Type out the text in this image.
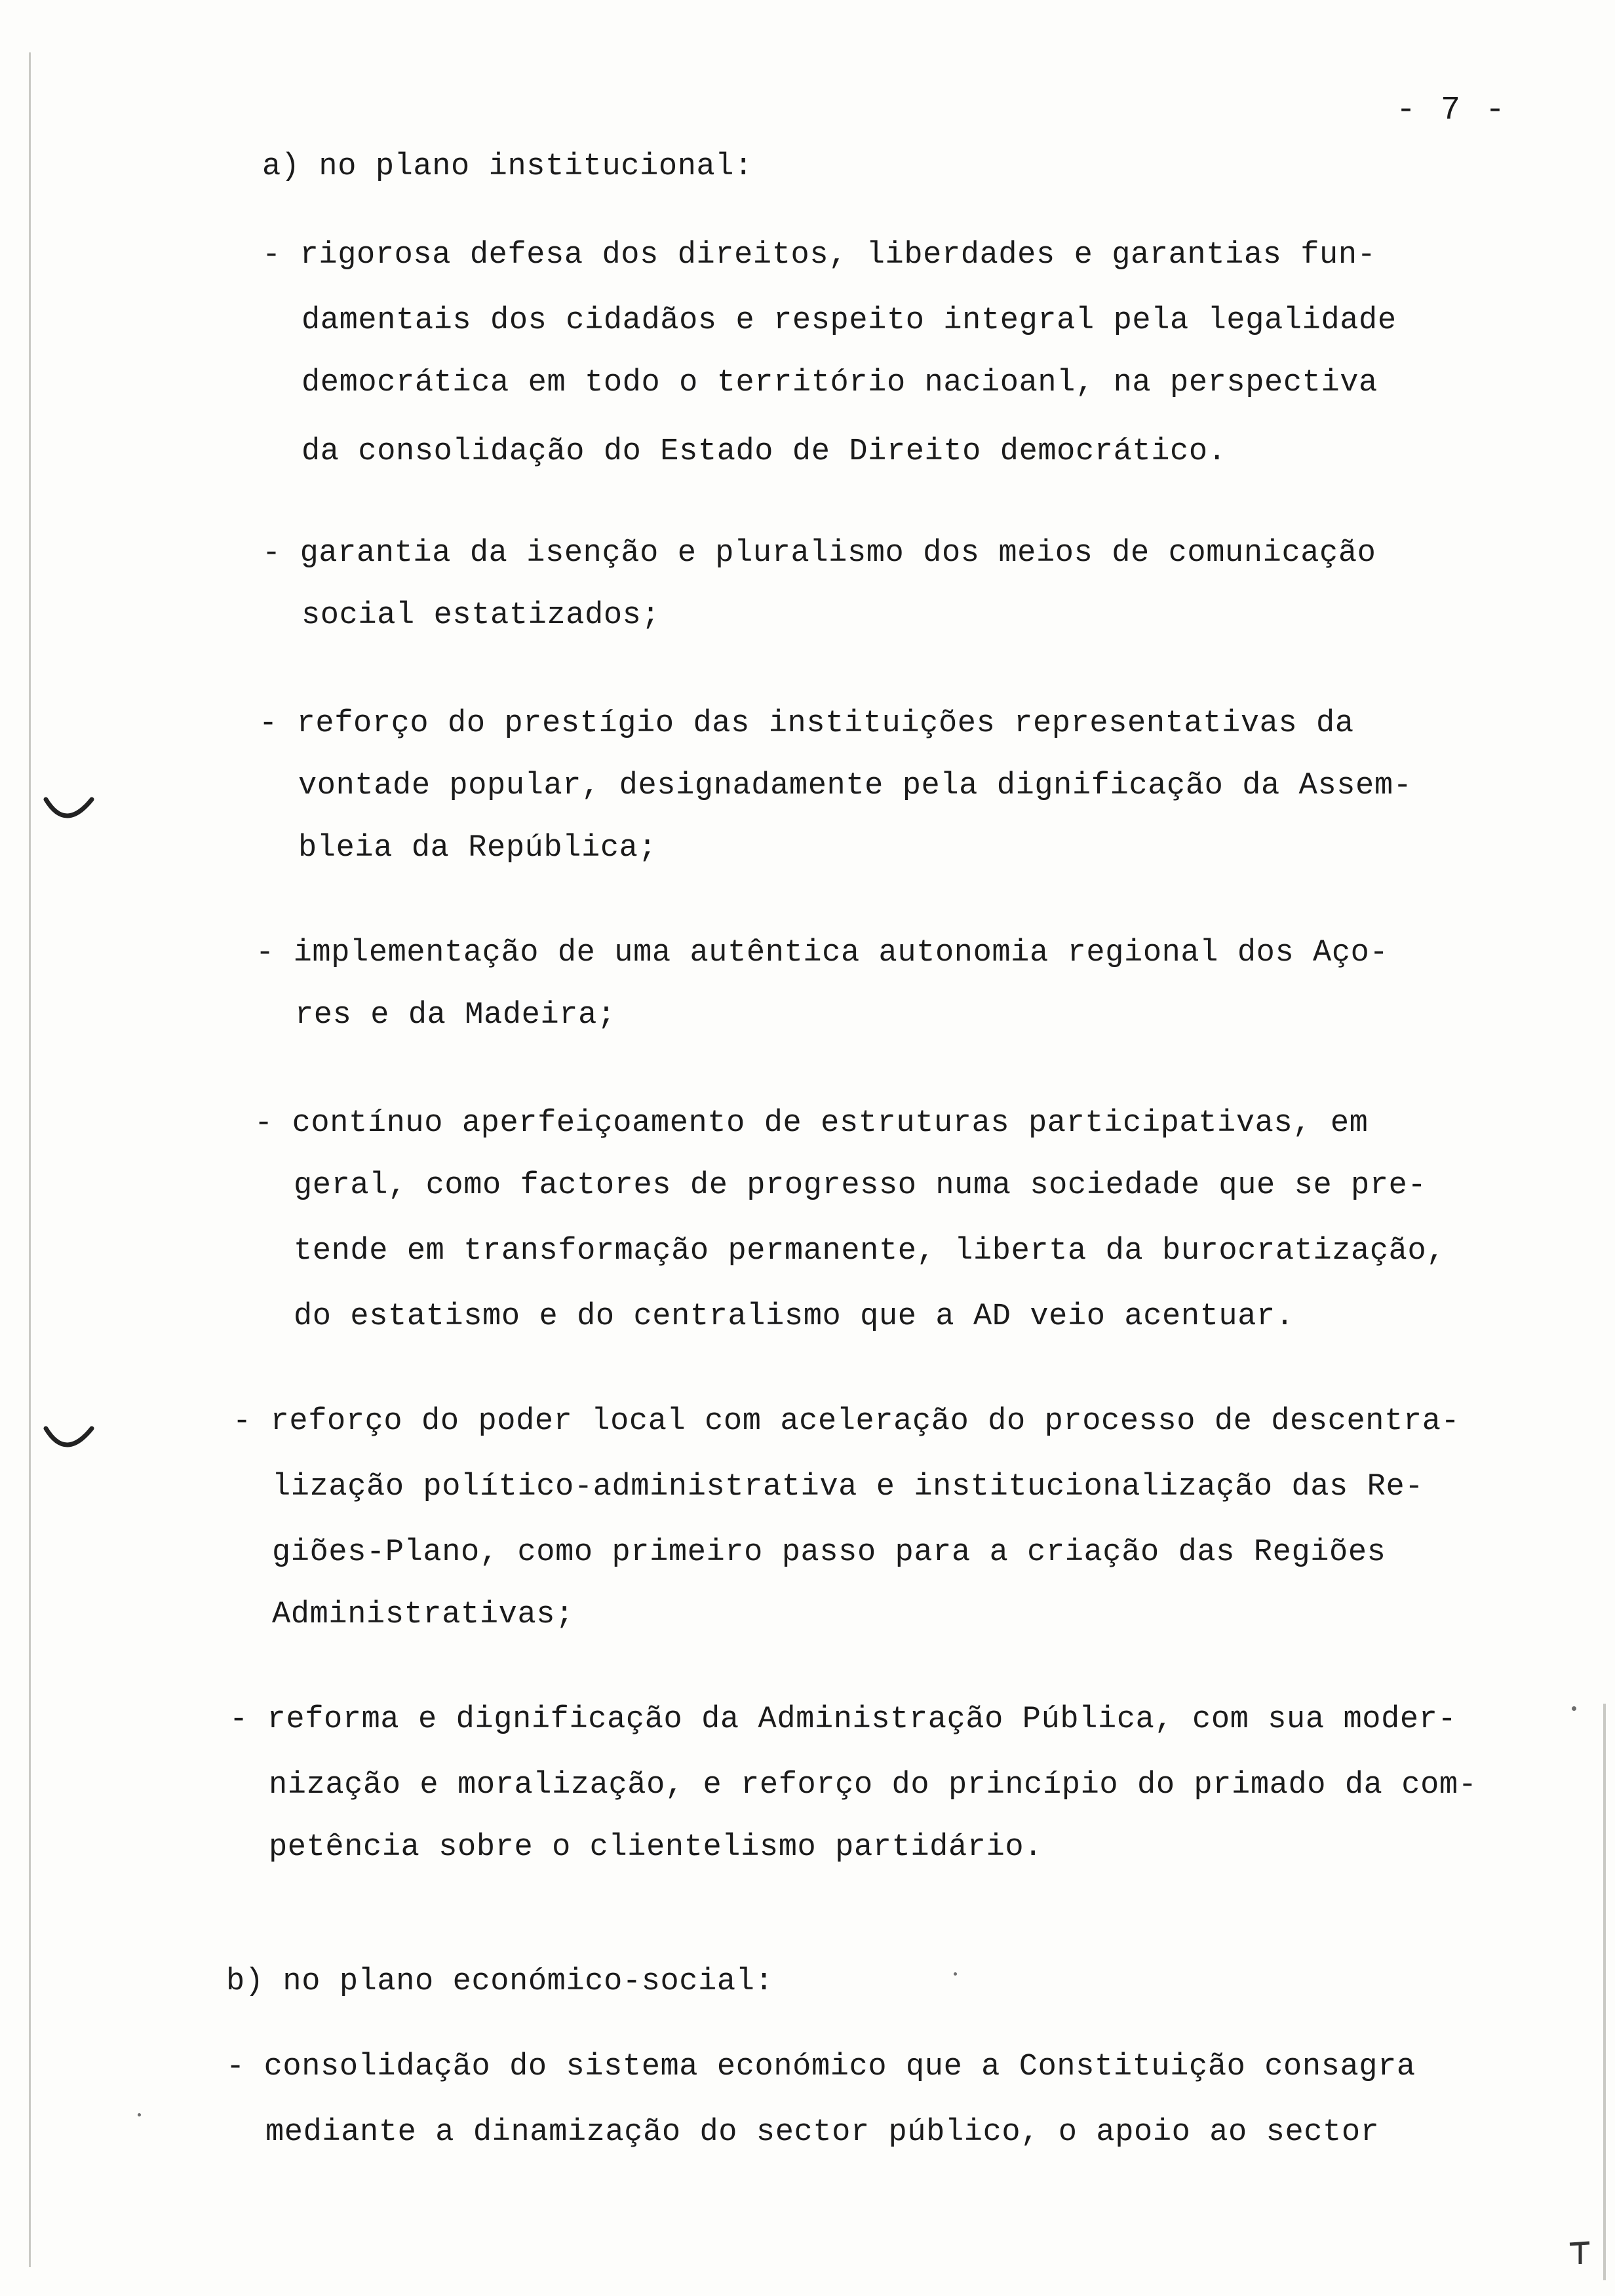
- 7 -
a) no plano institucional:
- rigorosa defesa dos direitos, liberdades e garantias fun-
damentais dos cidadãos e respeito integral pela legalidade
democrática em todo o território nacioanl, na perspectiva
da consolidação do Estado de Direito democrático.
- garantia da isenção e pluralismo dos meios de comunicação
social estatizados;
- reforço do prestígio das instituições representativas da
vontade popular, designadamente pela dignificação da Assem-
bleia da República;
- implementação de uma autêntica autonomia regional dos Aço-
res e da Madeira;
- contínuo aperfeiçoamento de estruturas participativas, em
geral, como factores de progresso numa sociedade que se pre-
tende em transformação permanente, liberta da burocratização,
do estatismo e do centralismo que a AD veio acentuar.
- reforço do poder local com aceleração do processo de descentra-
lização político-administrativa e institucionalização das Re-
giões-Plano, como primeiro passo para a criação das Regiões
Administrativas;
- reforma e dignificação da Administração Pública, com sua moder-
nização e moralização, e reforço do princípio do primado da com-
petência sobre o clientelismo partidário.
b) no plano económico-social:
- consolidação do sistema económico que a Constituição consagra
mediante a dinamização do sector público, o apoio ao sector
